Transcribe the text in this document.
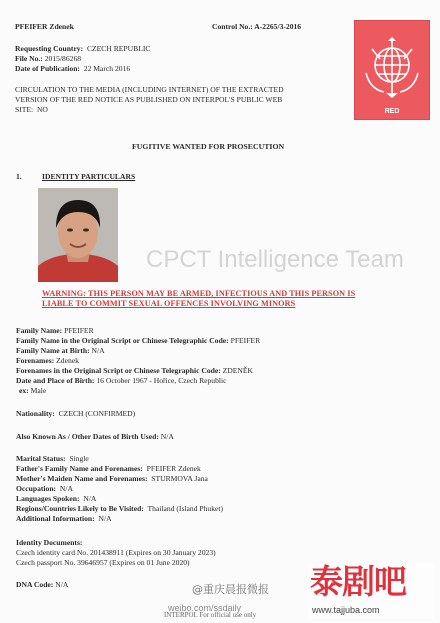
PFEIFER Zdenek	Control No.: A-2265/3-2016
Requesting Country: CZECH REPUBLIC
File No.: 2015/86268
Date of Publication: 22 March 2016
CIRCULATION TO THE MEDIA (INCLUDING INTERNET) OF THE EXTRACTED
VERSION OF THE RED NOTICE AS PUBLISHED ON INTERPOL'S PUBLIC WEB
SITE: NO	RED
FUGITIVE WANTED FOR PROSECUTION
1.	IDENTITY PARTICULARS
CPCT Intelligence Team
WARNING: THIS PERSON MAY BE ARMED, INFECTIOUS AND THIS PERSON IS
LIABLE TO COMMIT SEXUAL OFFENCES INVOLVING MINORS
Family Name: PFEIFER
Family Name in the Original Script or Chinese Telegraphic Code: PFEIFER
Family Name at Birth: N/A
Forenames: Zdenek
Forenames in the Original Script or Chinese Telegraphic Code: ZDENĚK
Date and Place of Birth: 16 October 1967 - Hořice, Czech Republic
ex: Male
Nationality: CZECH (CONFIRMED)
Also Known As / Other Dates of Birth Used: N/A
Marital Status: Single
Father's Family Name and Forenames: PFEIFER Zdenek
Mother's Maiden Name and Forenames: STURMOVA Jana
Occupation: N/A
Languages Spoken: N/A
Regions/Countries Likely to Be Visited: Thailand (Island Phuket)
Additional Information: N/A
Identity Documents:
Czech identity card No. 201438911 (Expires on 30 January 2023)
Czech passport No. 39646957 (Expires on 01 June 2020)
DNA Code: N/A
INTERPOL For official use only
@重庆晨报微报
weibo.com/ssdaily
泰剧吧
www.tajjuba.com
